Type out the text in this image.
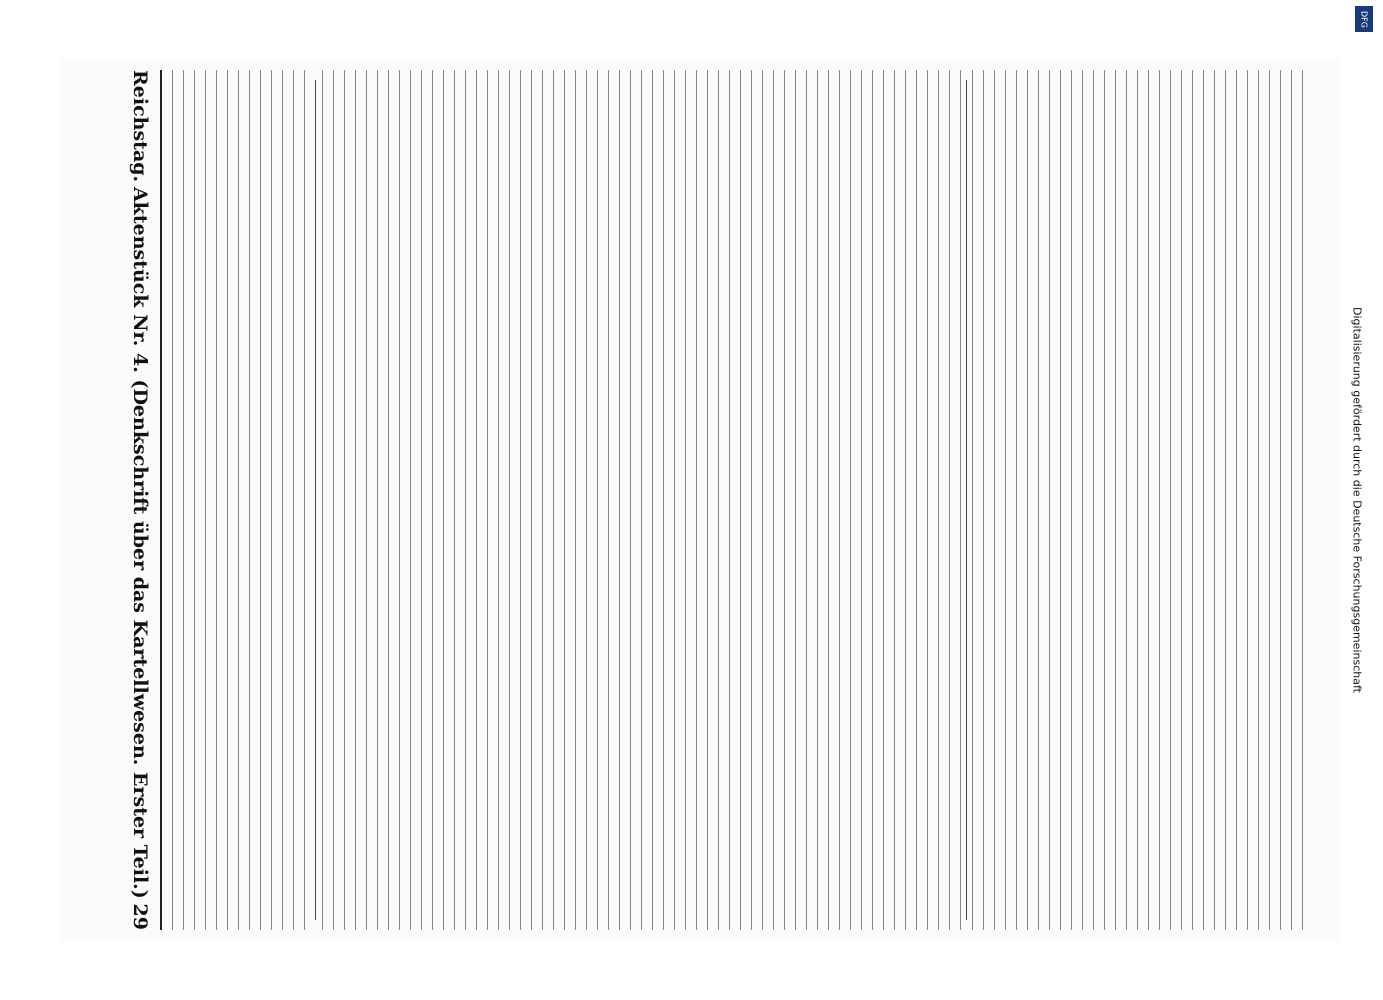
Reichstag.
Aktenstück Nr. 4. (Denkschrift über das Kartellwesen. Erster Teil.)
29
DFG
Digitalisierung gefördert durch die Deutsche Forschungsgemeinschaft
